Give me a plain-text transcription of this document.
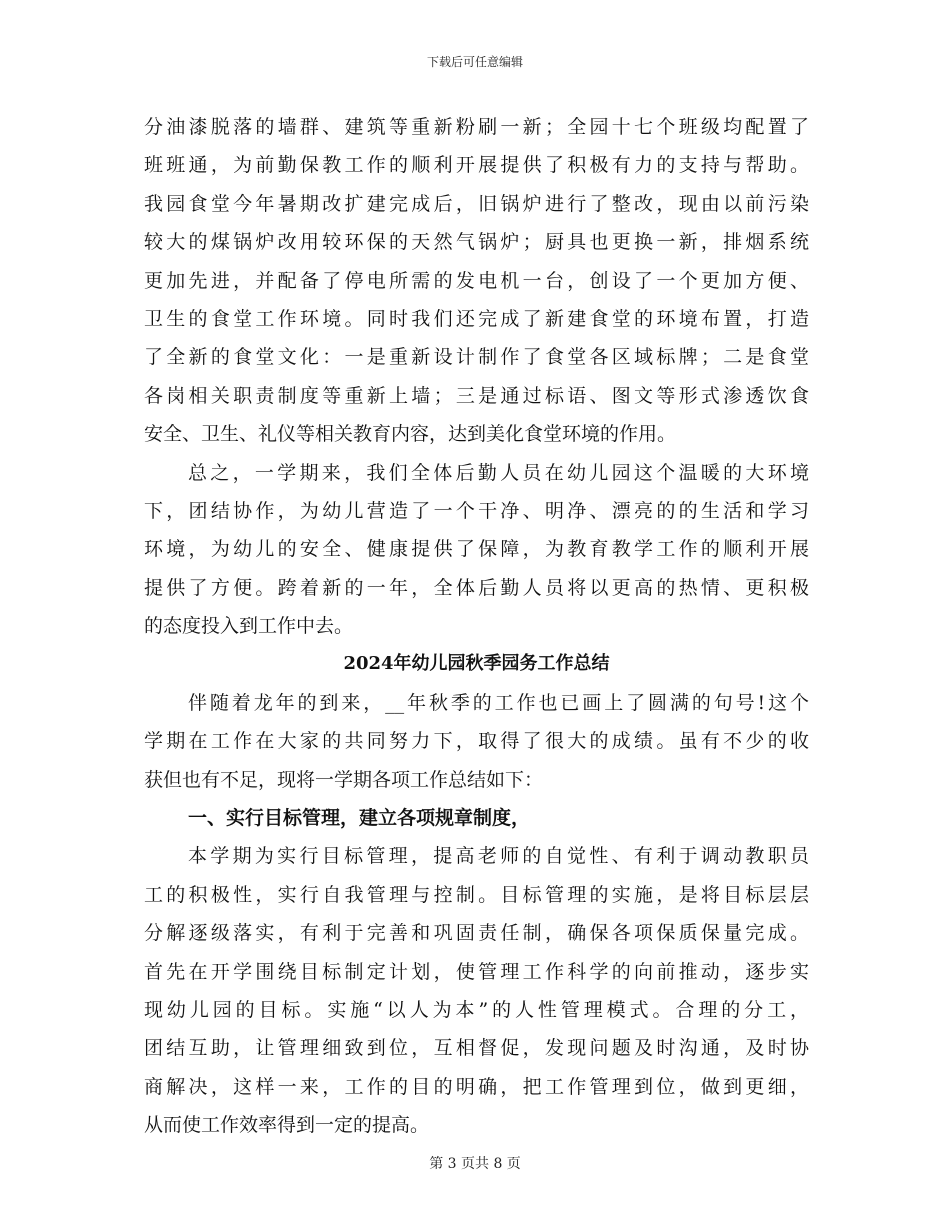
下载后可任意编辑
分油漆脱落的墙群、建筑等重新粉刷一新；全园十七个班级均配置了
班班通，为前勤保教工作的顺利开展提供了积极有力的支持与帮助。
我园食堂今年暑期改扩建完成后，旧锅炉进行了整改，现由以前污染
较大的煤锅炉改用较环保的天然气锅炉；厨具也更换一新，排烟系统
更加先进，并配备了停电所需的发电机一台，创设了一个更加方便、
卫生的食堂工作环境。同时我们还完成了新建食堂的环境布置，打造
了全新的食堂文化：一是重新设计制作了食堂各区域标牌；二是食堂
各岗相关职责制度等重新上墙；三是通过标语、图文等形式渗透饮食
安全、卫生、礼仪等相关教育内容，达到美化食堂环境的作用。
总之，一学期来，我们全体后勤人员在幼儿园这个温暖的大环境
下，团结协作，为幼儿营造了一个干净、明净、漂亮的的生活和学习
环境，为幼儿的安全、健康提供了保障，为教育教学工作的顺利开展
提供了方便。跨着新的一年，全体后勤人员将以更高的热情、更积极
的态度投入到工作中去。
2024年幼儿园秋季园务工作总结
伴随着龙年的到来，__年秋季的工作也已画上了圆满的句号!这个
学期在工作在大家的共同努力下，取得了很大的成绩。虽有不少的收
获但也有不足，现将一学期各项工作总结如下：
一、实行目标管理，建立各项规章制度，
本学期为实行目标管理，提高老师的自觉性、有利于调动教职员
工的积极性，实行自我管理与控制。目标管理的实施，是将目标层层
分解逐级落实，有利于完善和巩固责任制，确保各项保质保量完成。
首先在开学围绕目标制定计划，使管理工作科学的向前推动，逐步实
现幼儿园的目标。实施“以人为本”的人性管理模式。合理的分工，
团结互助，让管理细致到位，互相督促，发现问题及时沟通，及时协
商解决，这样一来，工作的目的明确，把工作管理到位，做到更细，
从而使工作效率得到一定的提高。
第 3 页共 8 页
